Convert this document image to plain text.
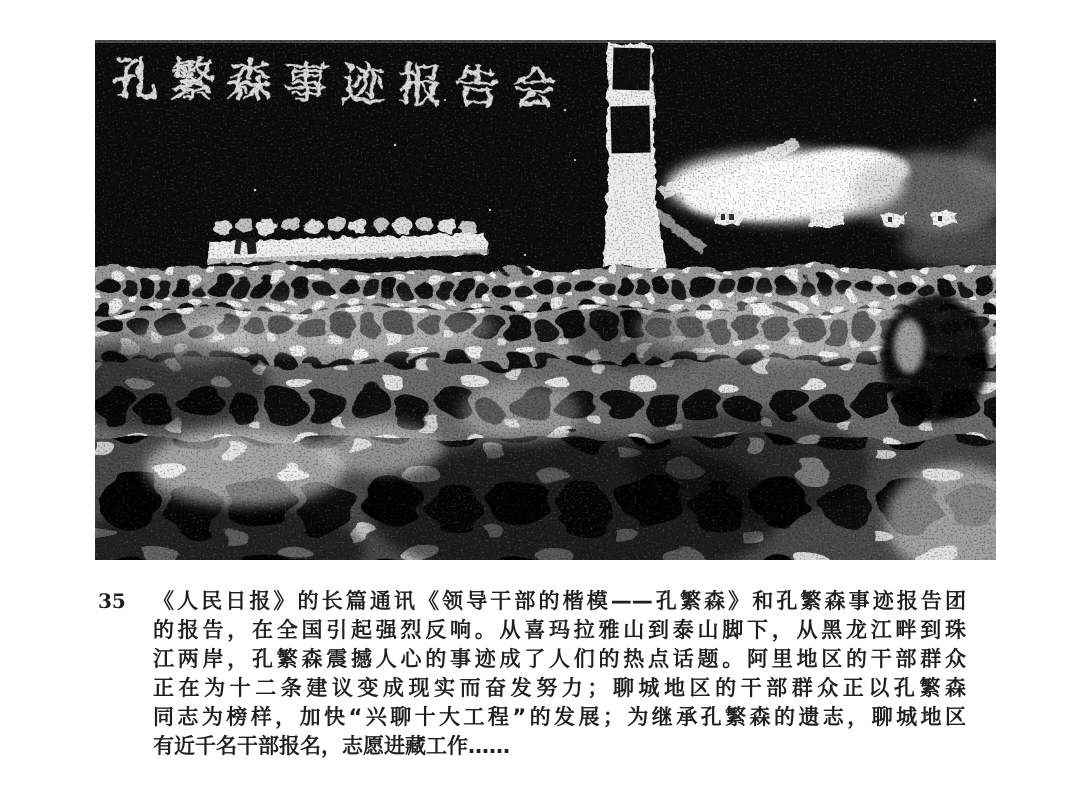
孔繁森事迹报告会
35	《人民日报》的长篇通讯《领导干部的楷模——孔繁森》和孔繁森事迹报告团
的报告，在全国引起强烈反响。从喜玛拉雅山到泰山脚下，从黑龙江畔到珠
江两岸，孔繁森震撼人心的事迹成了人们的热点话题。阿里地区的干部群众
正在为十二条建议变成现实而奋发努力；聊城地区的干部群众正以孔繁森
同志为榜样，加快“兴聊十大工程”的发展；为继承孔繁森的遗志，聊城地区
有近千名干部报名，志愿进藏工作……
